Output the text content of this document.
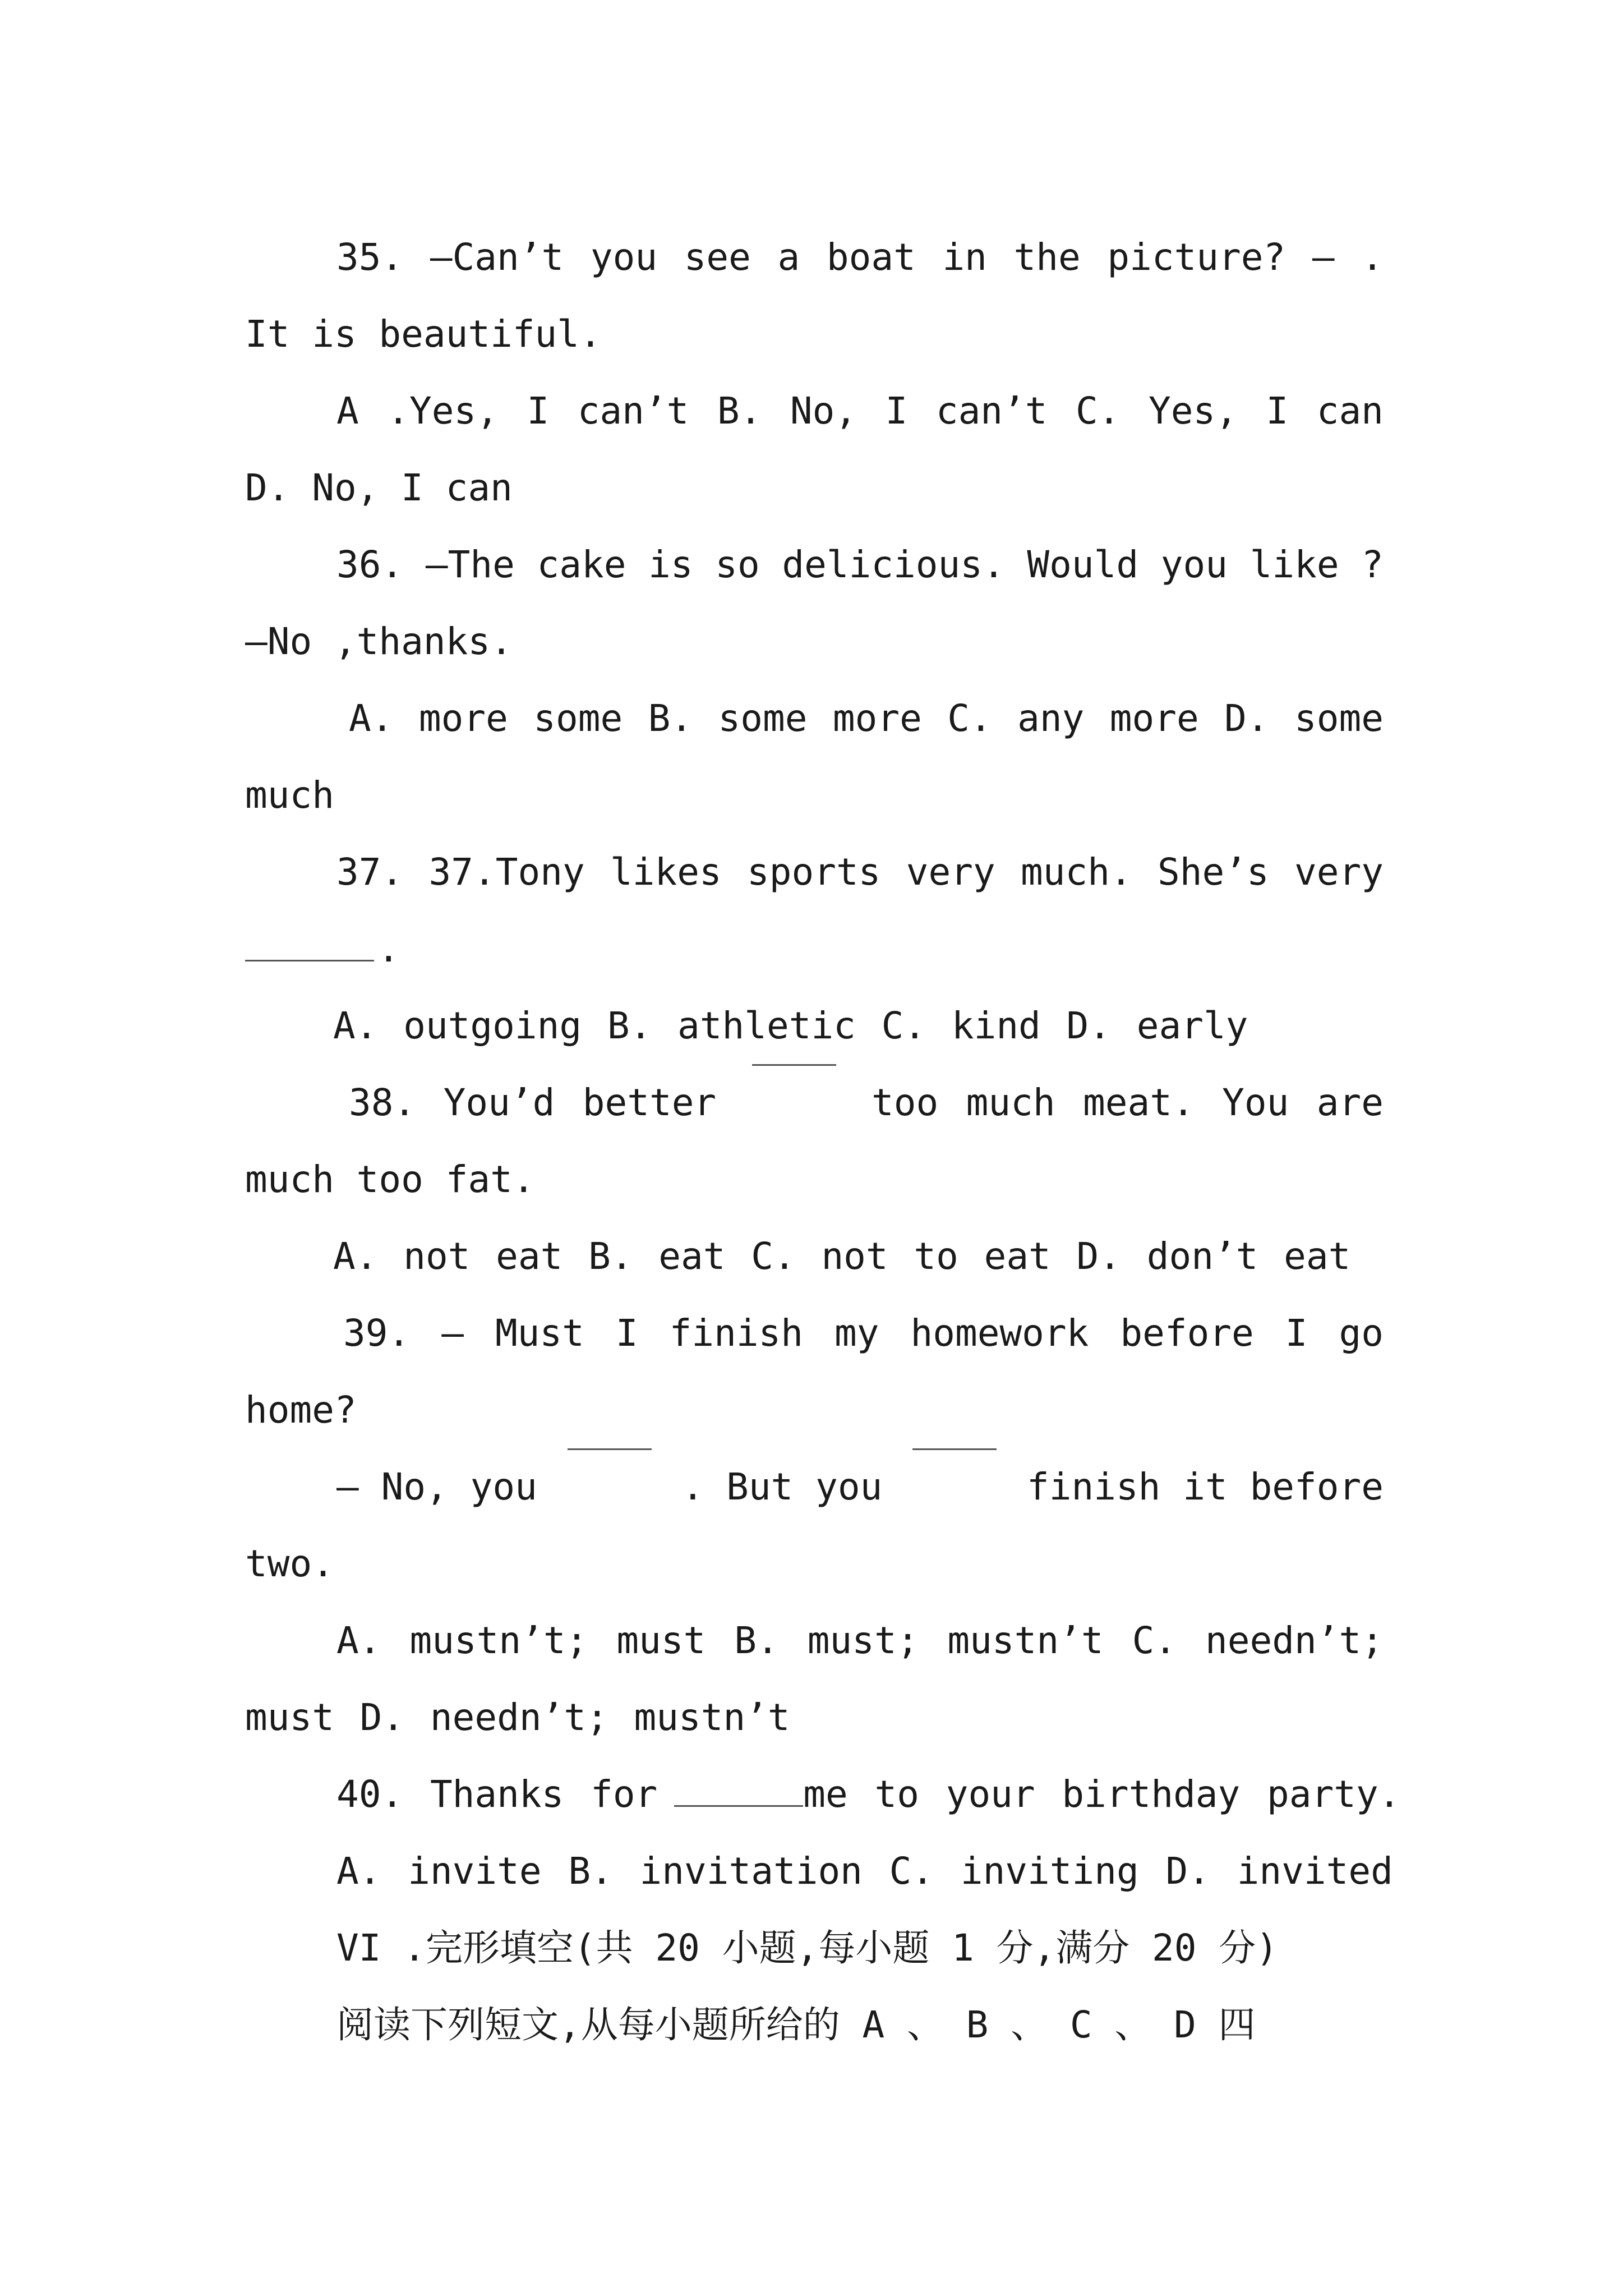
35. —Can’t you see a boat in the picture? — .
It is beautiful.
A .Yes, I can’t B. No, I can’t C. Yes, I can
D. No, I can
36. —The cake is so delicious. Would you like ?
—No ,thanks.
A. more some B. some more C. any more D. some
much
37. 37.Tony likes sports very much. She’s very
.
A. outgoing B. athletic C. kind D. early
38. You’d better	too much meat. You are
much too fat.
A. not eat B. eat C. not to eat D. don’t eat
39. — Must I finish my homework before I go
home?
— No, you	. But you	finish it before
two.
A. mustn’t; must B. must; mustn’t C. needn’t;
must D. needn’t; mustn’t
40. Thanks for	me to your birthday party.
A. invite B. invitation C. inviting D. invited
VI .完形填空(共 20 小题,每小题 1 分,满分 20 分)
阅读下列短文,从每小题所给的 A 、 B 、 C 、 D 四
